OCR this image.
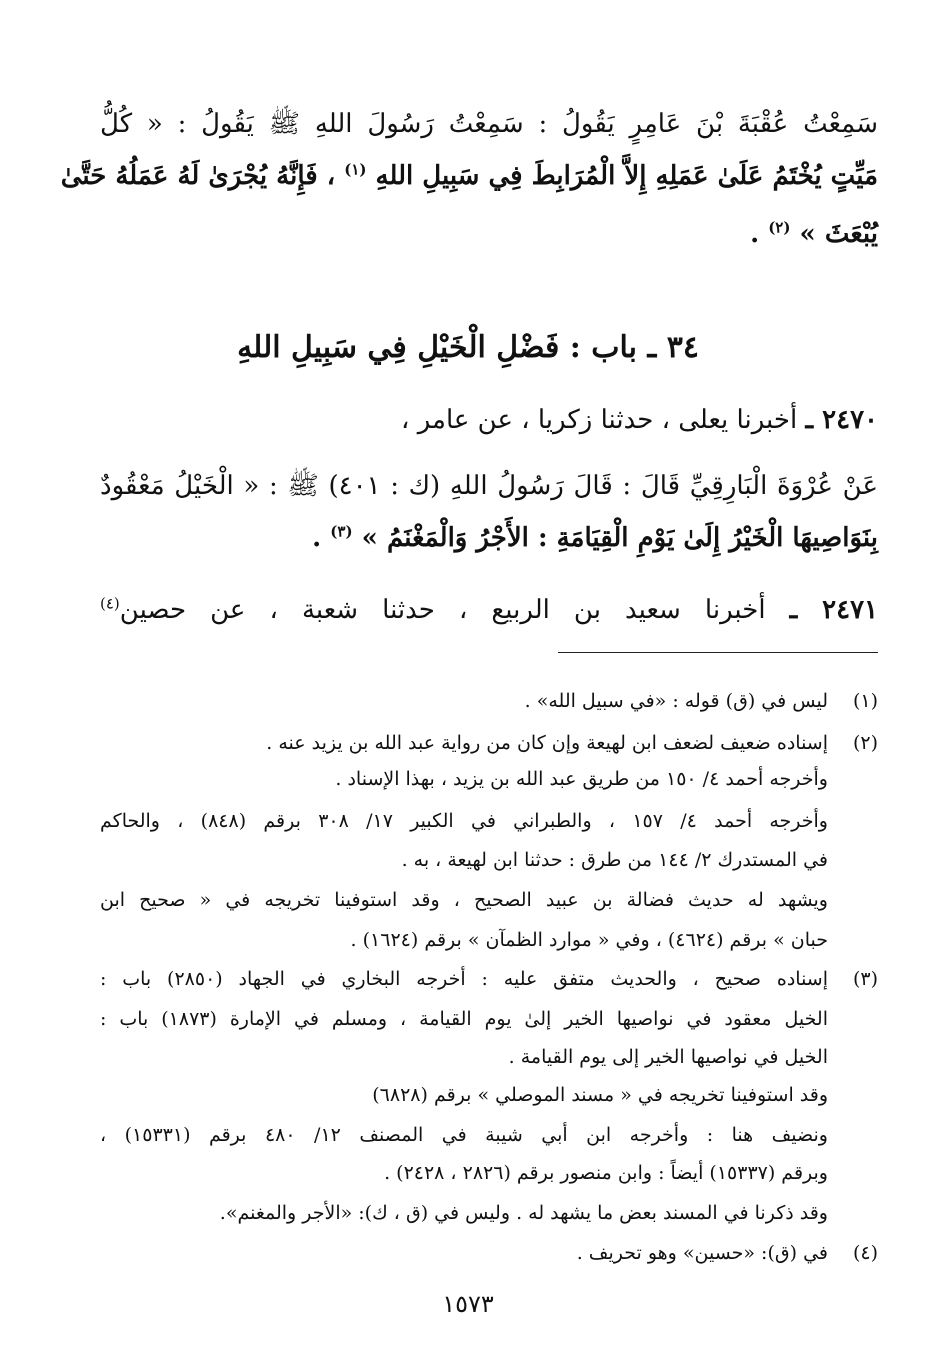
سَمِعْتُ عُقْبَةَ بْنَ عَامِرٍ يَقُولُ : سَمِعْتُ رَسُولَ اللهِ ﷺ يَقُولُ : « كُلُّ
مَيِّتٍ يُخْتَمُ عَلَىٰ عَمَلِهِ إِلاَّ الْمُرَابِطَ فِي سَبِيلِ اللهِ $^{(١)}$ ، فَإِنَّهُ يُجْرَىٰ لَهُ عَمَلُهُ حَتَّىٰ
يُبْعَثَ » $^{(٢)}$ .
٣٤ ـ باب : فَضْلِ الْخَيْلِ فِي سَبِيلِ اللهِ
٢٤٧٠ ـ أخبرنا يعلى ، حدثنا زكريا ، عن عامر ،
عَنْ عُرْوَةَ الْبَارِقِيِّ قَالَ : قَالَ رَسُولُ اللهِ (ك : ٤٠١) ﷺ : « الْخَيْلُ مَعْقُودٌ
بِنَوَاصِيهَا الْخَيْرُ إِلَىٰ يَوْمِ الْقِيَامَةِ : الأَجْرُ وَالْمَغْنَمُ » $^{(٣)}$ .
٢٤٧١ ـ أخبرنا سعيد بن الربيع ، حدثنا شعبة ، عن حصين$^{(٤)}$
(١)
ليس في (ق) قوله : «في سبيل الله» .
(٢)
إسناده ضعيف لضعف ابن لهيعة وإن كان من رواية عبد الله بن يزيد عنه .
وأخرجه أحمد ٤/ ١٥٠ من طريق عبد الله بن يزيد ، بهذا الإسناد .
وأخرجه أحمد ٤/ ١٥٧ ، والطبراني في الكبير ١٧/ ٣٠٨ برقم (٨٤٨) ، والحاكم
في المستدرك ٢/ ١٤٤ من طرق : حدثنا ابن لهيعة ، به .
ويشهد له حديث فضالة بن عبيد الصحيح ، وقد استوفينا تخريجه في « صحيح ابن
حبان » برقم (٤٦٢٤) ، وفي « موارد الظمآن » برقم (١٦٢٤) .
(٣)
إسناده صحيح ، والحديث متفق عليه : أخرجه البخاري في الجهاد (٢٨٥٠) باب :
الخيل معقود في نواصيها الخير إلىٰ يوم القيامة ، ومسلم في الإمارة (١٨٧٣) باب :
الخيل في نواصيها الخير إلى يوم القيامة .
وقد استوفينا تخريجه في « مسند الموصلي » برقم (٦٨٢٨)
ونضيف هنا : وأخرجه ابن أبي شيبة في المصنف ١٢/ ٤٨٠ برقم (١٥٣٣١) ،
وبرقم (١٥٣٣٧) أيضاً : وابن منصور برقم (٢٨٢٦ ، ٢٤٢٨) .
وقد ذكرنا في المسند بعض ما يشهد له . وليس في (ق ، ك): «الأجر والمغنم».
(٤)
في (ق): «حسين» وهو تحريف .
١٥٧٣
